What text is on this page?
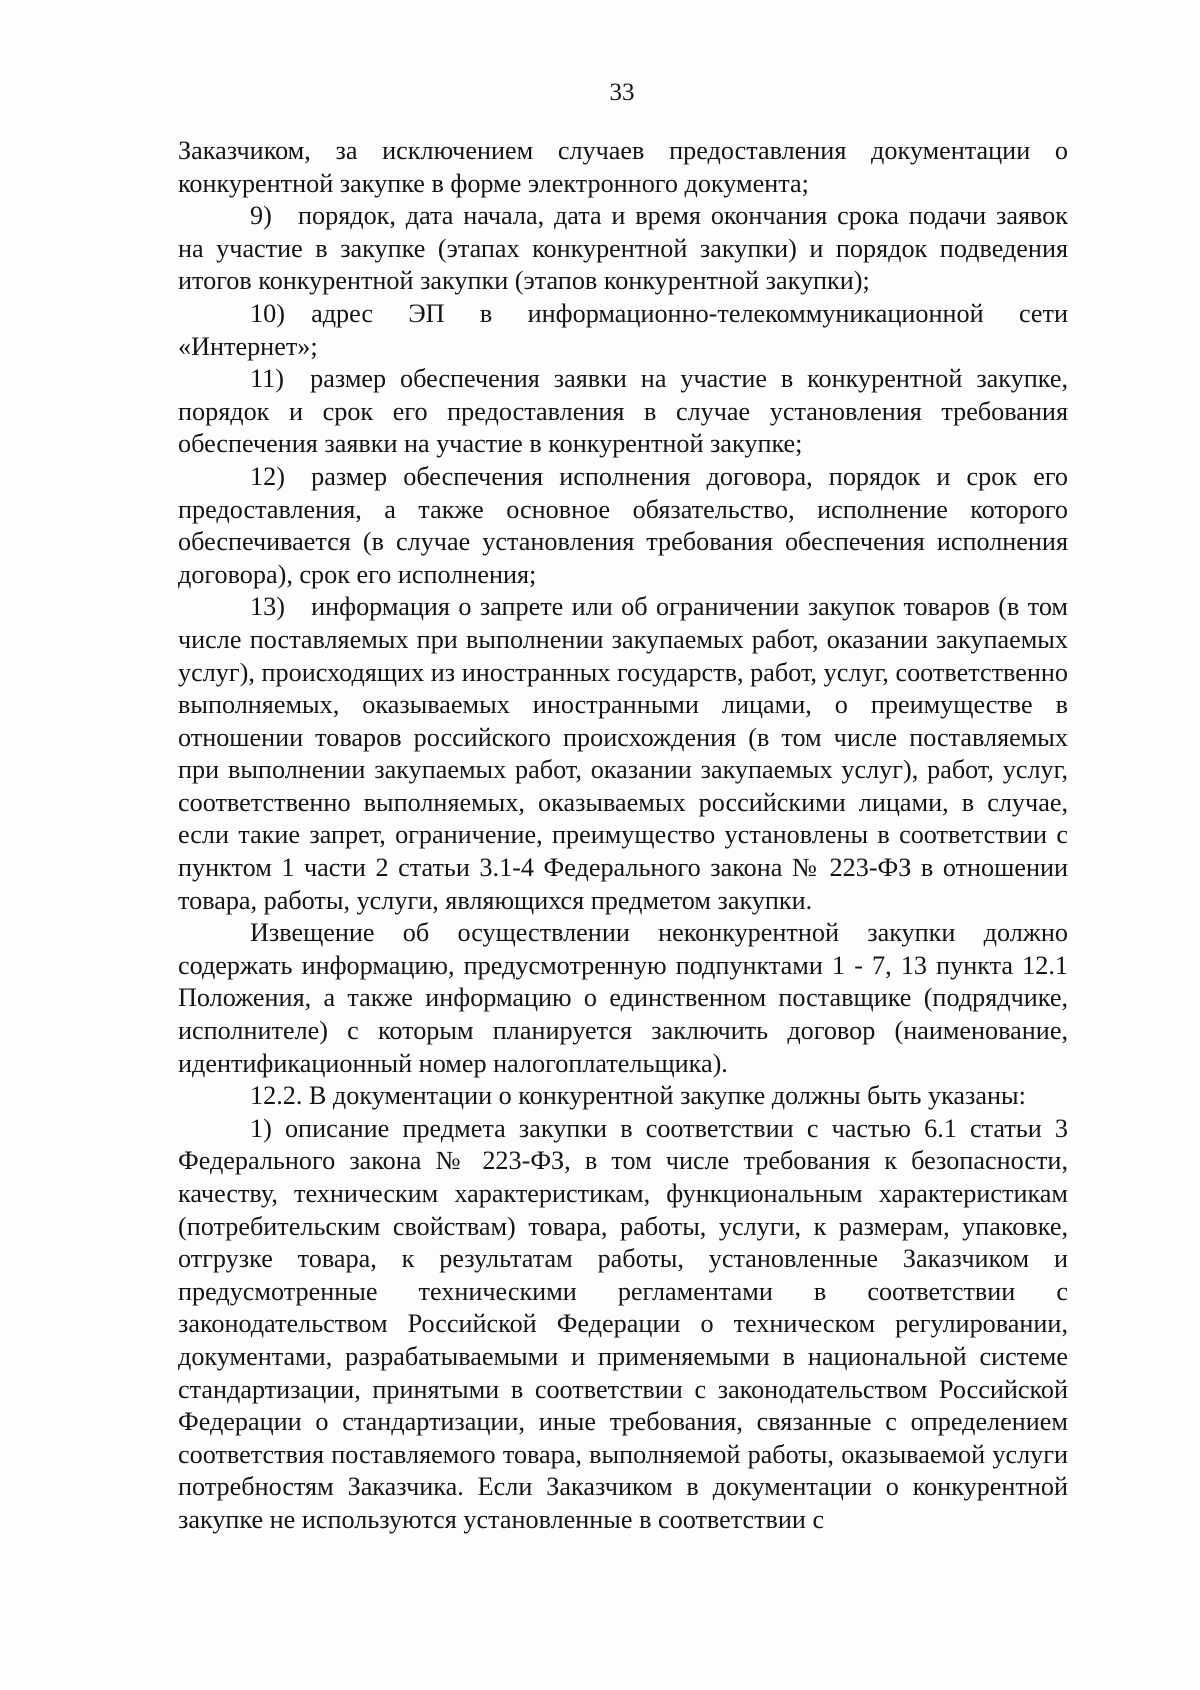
33

Заказчиком, за исключением случаев предоставления документации о конкурентной закупке в форме электронного документа;

9) порядок, дата начала, дата и время окончания срока подачи заявок на участие в закупке (этапах конкурентной закупки) и порядок подведения итогов конкурентной закупки (этапов конкурентной закупки);

10) адрес ЭП в информационно-телекоммуникационной сети «Интернет»;

11) размер обеспечения заявки на участие в конкурентной закупке, порядок и срок его предоставления в случае установления требования обеспечения заявки на участие в конкурентной закупке;

12) размер обеспечения исполнения договора, порядок и срок его предоставления, а также основное обязательство, исполнение которого обеспечивается (в случае установления требования обеспечения исполнения договора), срок его исполнения;

13) информация о запрете или об ограничении закупок товаров (в том числе поставляемых при выполнении закупаемых работ, оказании закупаемых услуг), происходящих из иностранных государств, работ, услуг, соответственно выполняемых, оказываемых иностранными лицами, о преимуществе в отношении товаров российского происхождения (в том числе поставляемых при выполнении закупаемых работ, оказании закупаемых услуг), работ, услуг, соответственно выполняемых, оказываемых российскими лицами, в случае, если такие запрет, ограничение, преимущество установлены в соответствии с пунктом 1 части 2 статьи 3.1-4 Федерального закона № 223-ФЗ в отношении товара, работы, услуги, являющихся предметом закупки.

Извещение об осуществлении неконкурентной закупки должно содержать информацию, предусмотренную подпунктами 1 - 7, 13 пункта 12.1 Положения, а также информацию о единственном поставщике (подрядчике, исполнителе) с которым планируется заключить договор (наименование, идентификационный номер налогоплательщика).

12.2. В документации о конкурентной закупке должны быть указаны:

1) описание предмета закупки в соответствии с частью 6.1 статьи 3 Федерального закона № 223-ФЗ, в том числе требования к безопасности, качеству, техническим характеристикам, функциональным характеристикам (потребительским свойствам) товара, работы, услуги, к размерам, упаковке, отгрузке товара, к результатам работы, установленные Заказчиком и предусмотренные техническими регламентами в соответствии с законодательством Российской Федерации о техническом регулировании, документами, разрабатываемыми и применяемыми в национальной системе стандартизации, принятыми в соответствии с законодательством Российской Федерации о стандартизации, иные требования, связанные с определением соответствия поставляемого товара, выполняемой работы, оказываемой услуги потребностям Заказчика. Если Заказчиком в документации о конкурентной закупке не используются установленные в соответствии с
